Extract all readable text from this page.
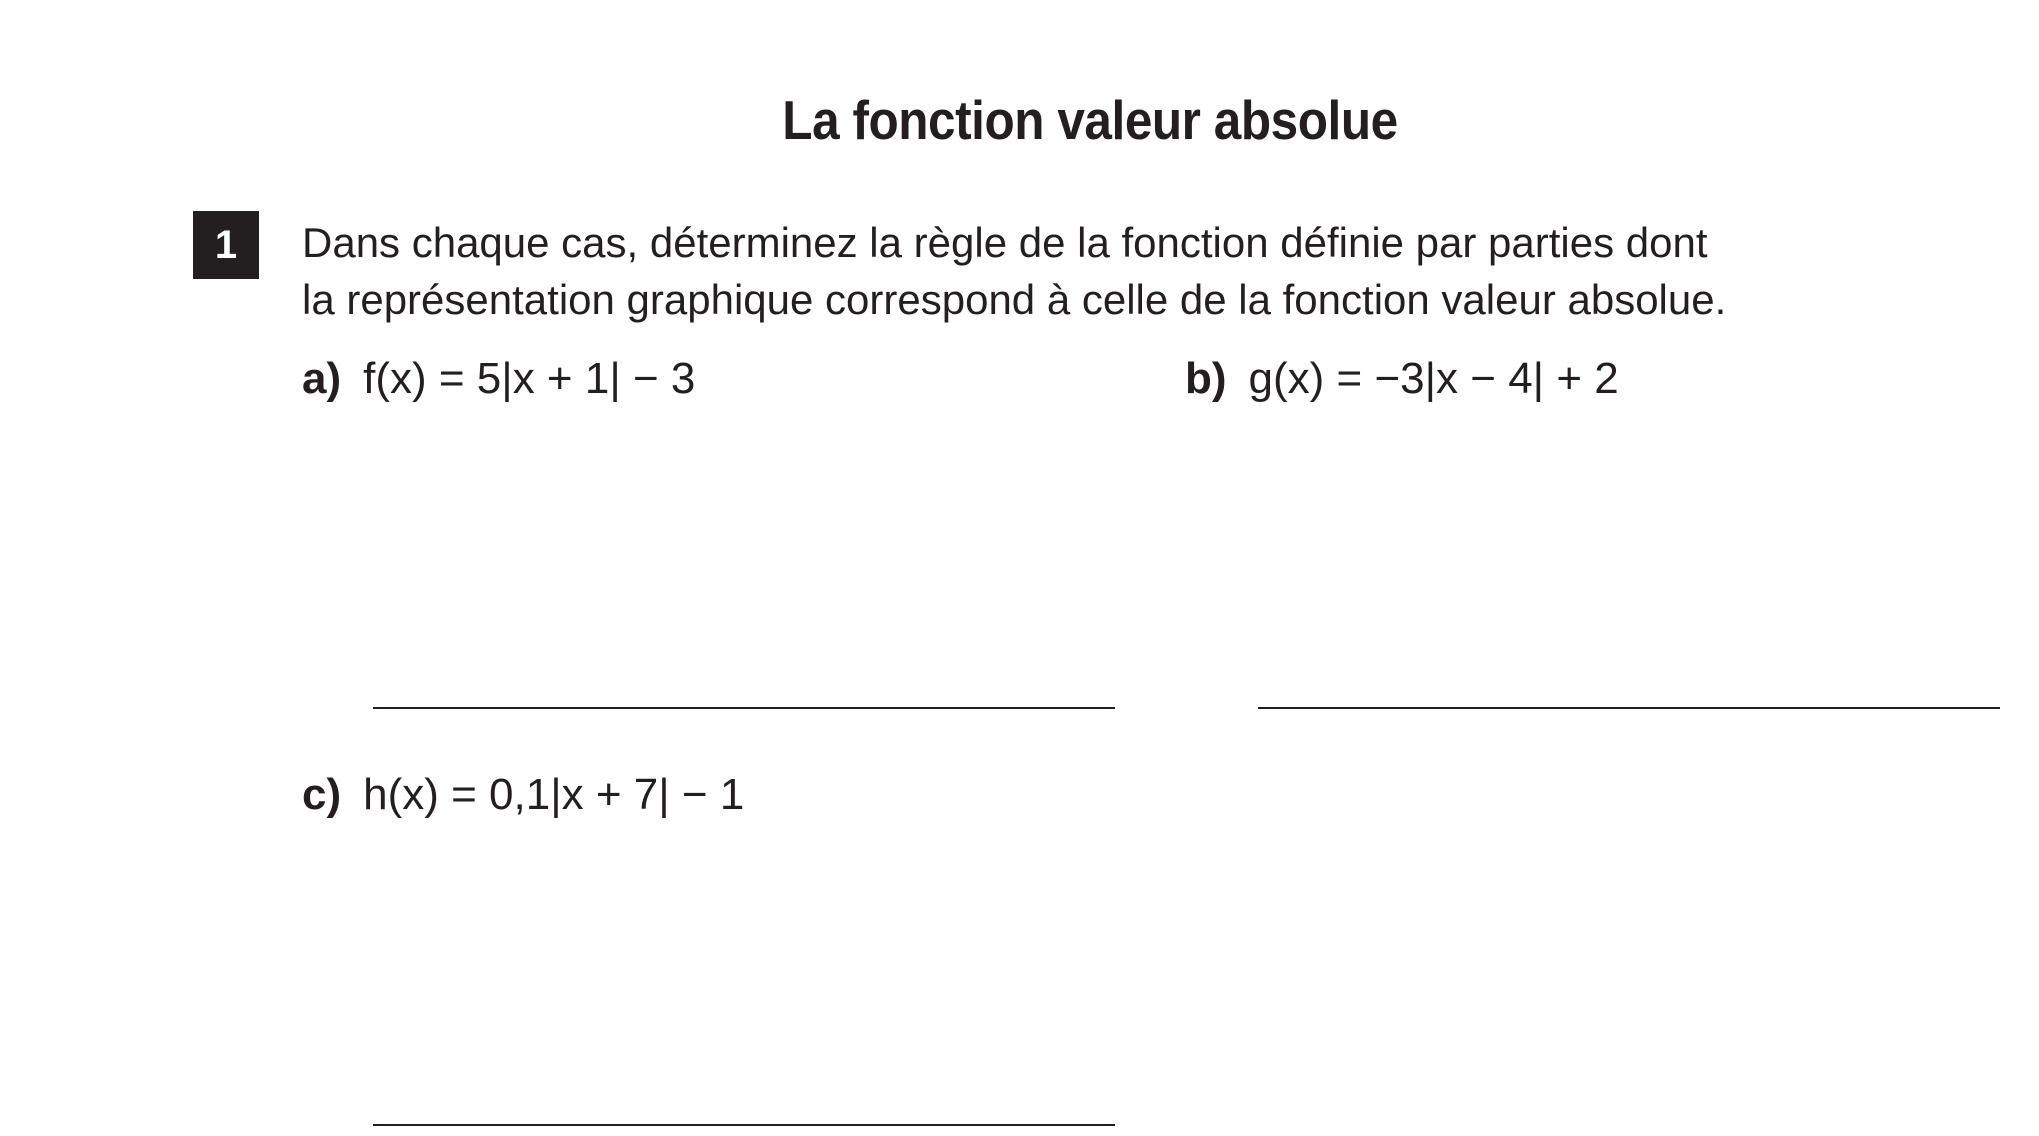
La fonction valeur absolue
1	Dans chaque cas, déterminez la règle de la fonction définie par parties dont
la représentation graphique correspond à celle de la fonction valeur absolue.
a) f(x) = 5|x + 1| − 3	b) g(x) = −3|x − 4| + 2
c) h(x) = 0,1|x + 7| − 1
